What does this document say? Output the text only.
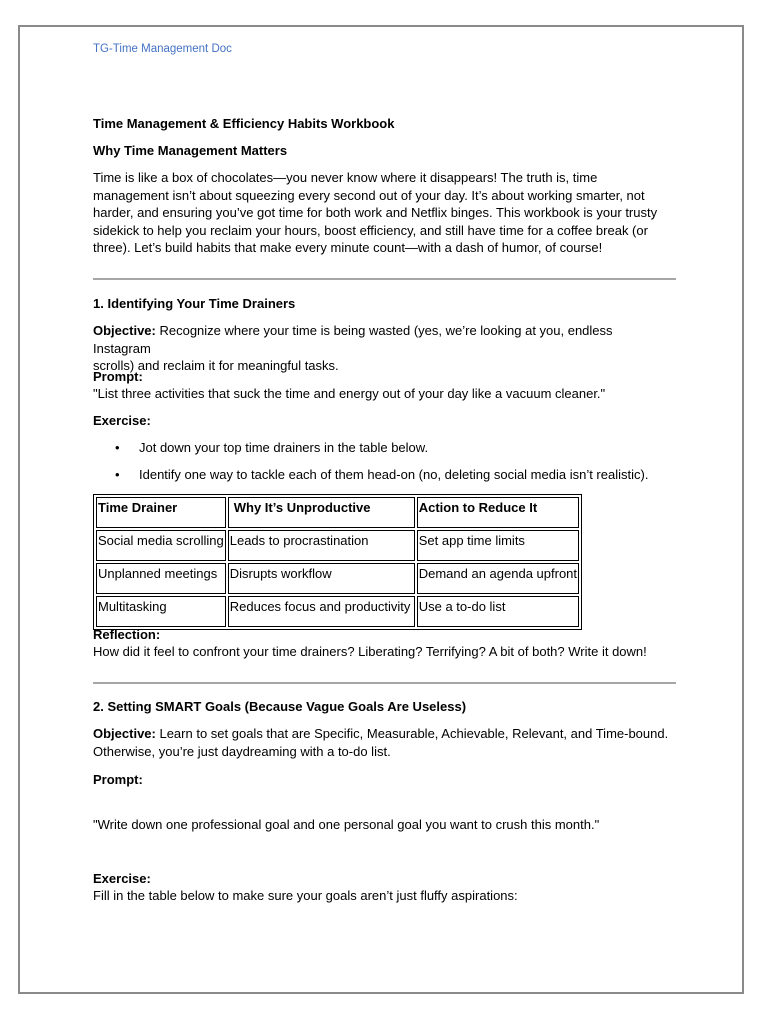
TG-Time Management Doc
Time Management & Efficiency Habits Workbook
Why Time Management Matters
Time is like a box of chocolates—you never know where it disappears! The truth is, time
management isn’t about squeezing every second out of your day. It’s about working smarter, not
harder, and ensuring you’ve got time for both work and Netflix binges. This workbook is your trusty
sidekick to help you reclaim your hours, boost efficiency, and still have time for a coffee break (or
three). Let’s build habits that make every minute count—with a dash of humor, of course!
1. Identifying Your Time Drainers
Objective: Recognize where your time is being wasted (yes, we’re looking at you, endless Instagram
scrolls) and reclaim it for meaningful tasks.
Prompt:
"List three activities that suck the time and energy out of your day like a vacuum cleaner."
Exercise:
• Jot down your top time drainers in the table below.
• Identify one way to tackle each of them head-on (no, deleting social media isn’t realistic).
Time Drainer	Why It’s Unproductive	Action to Reduce It
Social media scrolling	Leads to procrastination	Set app time limits
Unplanned meetings	Disrupts workflow	Demand an agenda upfront
Multitasking	Reduces focus and productivity	Use a to-do list
Reflection:
How did it feel to confront your time drainers? Liberating? Terrifying? A bit of both? Write it down!
2. Setting SMART Goals (Because Vague Goals Are Useless)
Objective: Learn to set goals that are Specific, Measurable, Achievable, Relevant, and Time-bound.
Otherwise, you’re just daydreaming with a to-do list.
Prompt:
"Write down one professional goal and one personal goal you want to crush this month."
Exercise:
Fill in the table below to make sure your goals aren’t just fluffy aspirations:
